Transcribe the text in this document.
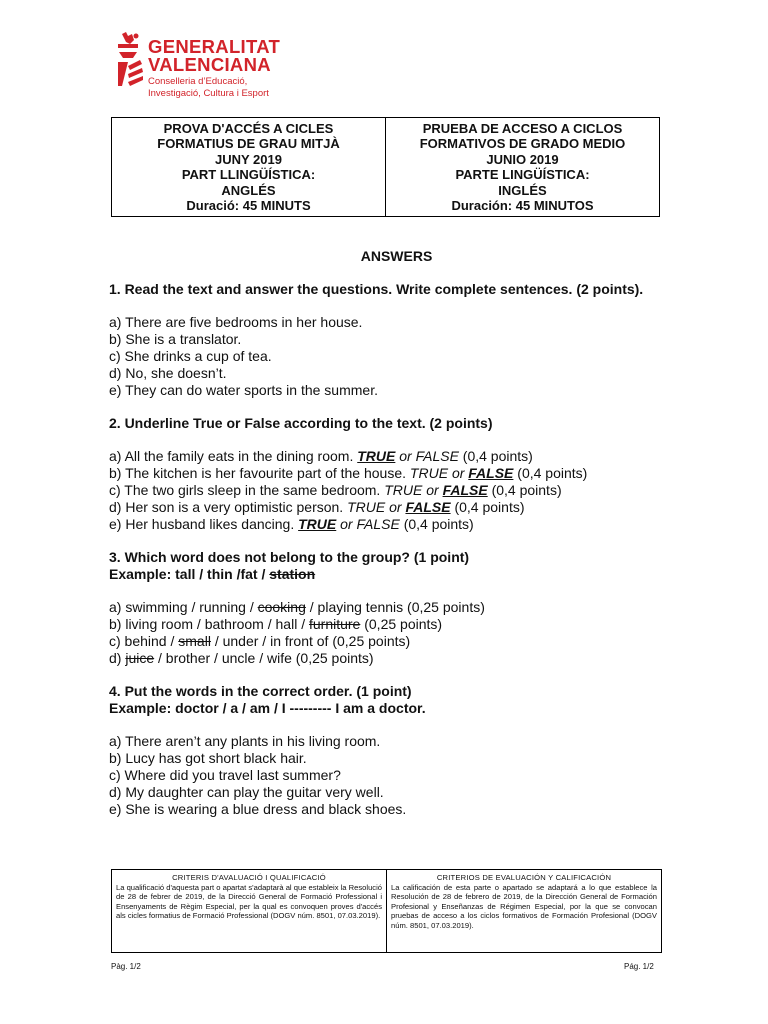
GENERALITAT
VALENCIANA
Conselleria d’Educació,
Investigació, Cultura i Esport
PROVA D'ACCÉS A CICLES
FORMATIUS DE GRAU MITJÀ
JUNY 2019
PART LLINGÜÍSTICA:
ANGLÉS
Duració: 45 MINUTS
PRUEBA DE ACCESO A CICLOS
FORMATIVOS DE GRADO MEDIO
JUNIO 2019
PARTE LINGÜÍSTICA:
INGLÉS
Duración: 45 MINUTOS
ANSWERS
1. Read the text and answer the questions. Write complete sentences. (2 points).
a) There are five bedrooms in her house.
b) She is a translator.
c) She drinks a cup of tea.
d) No, she doesn’t.
e) They can do water sports in the summer.
2. Underline True or False according to the text. (2 points)
a) All the family eats in the dining room. TRUE or FALSE (0,4 points)
b) The kitchen is her favourite part of the house. TRUE or FALSE (0,4 points)
c) The two girls sleep in the same bedroom. TRUE or FALSE (0,4 points)
d) Her son is a very optimistic person. TRUE or FALSE (0,4 points)
e) Her husband likes dancing. TRUE or FALSE (0,4 points)
3. Which word does not belong to the group? (1 point)
Example: tall / thin /fat / station
a) swimming / running / cooking / playing tennis (0,25 points)
b) living room / bathroom / hall / furniture (0,25 points)
c) behind / small / under / in front of (0,25 points)
d) juice / brother / uncle / wife (0,25 points)
4. Put the words in the correct order. (1 point)
Example: doctor / a / am / I --------- I am a doctor.
a) There aren’t any plants in his living room.
b) Lucy has got short black hair.
c) Where did you travel last summer?
d) My daughter can play the guitar very well.
e) She is wearing a blue dress and black shoes.
CRITERIS D'AVALUACIÓ I QUALIFICACIÓ
La qualificació d'aquesta part o apartat s'adaptarà al que estableix la Resolució de 28 de febrer de 2019, de la Direcció General de Formació Professional i Ensenyaments de Règim Especial, per la qual es convoquen proves d'accés als cicles formatius de Formació Professional (DOGV núm. 8501, 07.03.2019).
CRITERIOS DE EVALUACIÓN Y CALIFICACIÓN
La calificación de esta parte o apartado se adaptará a lo que establece la Resolución de 28 de febrero de 2019, de la Dirección General de Formación Profesional y Enseñanzas de Régimen Especial, por la que se convocan pruebas de acceso a los ciclos formativos de Formación Profesional (DOGV núm. 8501, 07.03.2019).
Pàg. 1/2	Pág. 1/2
